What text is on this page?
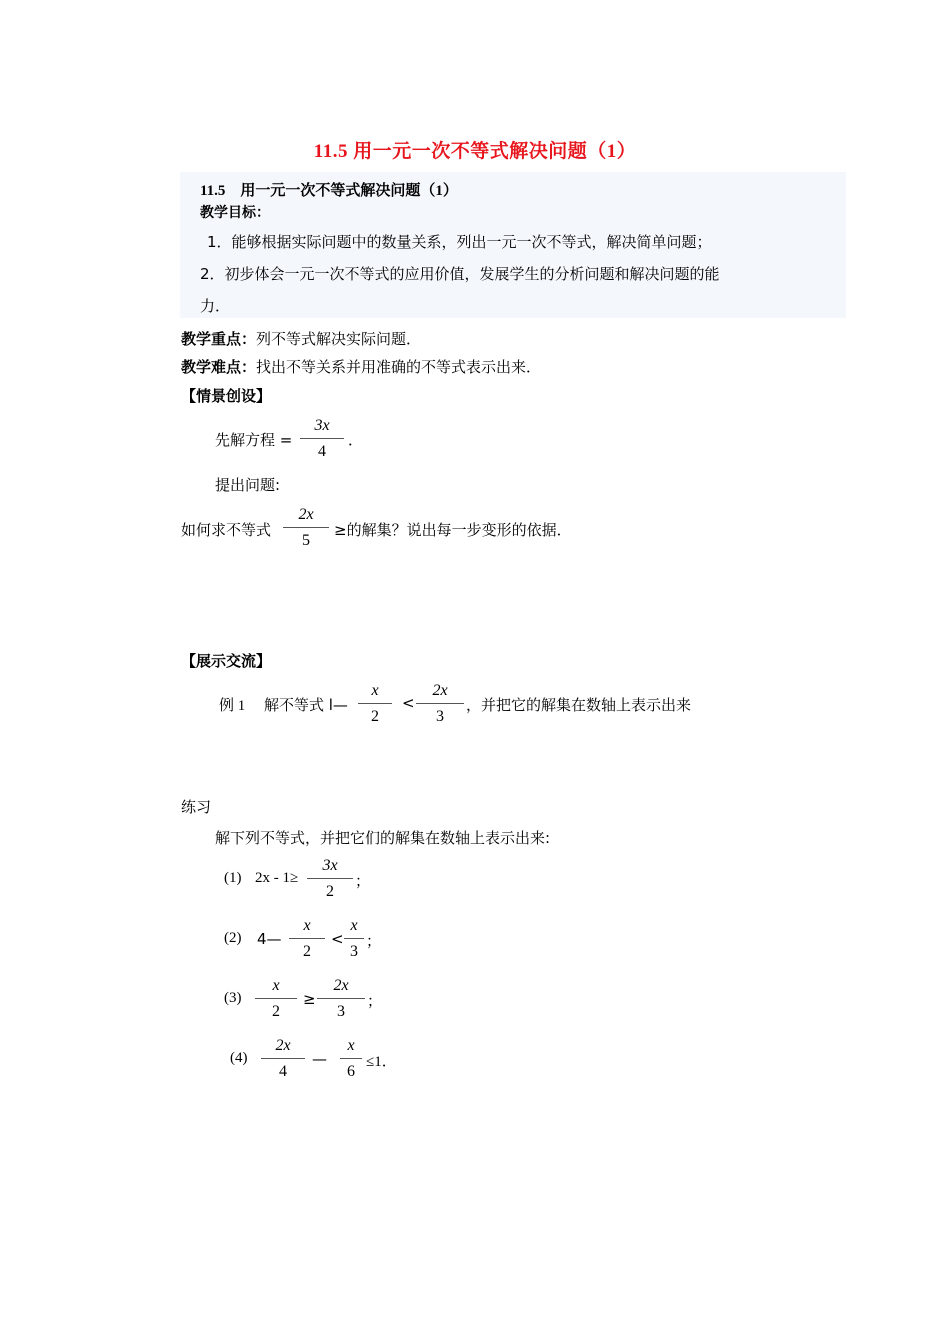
11.5 用一元一次不等式解决问题（1）
11.5　用一元一次不等式解决问题（1）
教学目标：
1．能够根据实际问题中的数量关系，列出一元一次不等式，解决简单问题；
2．初步体会一元一次不等式的应用价值，发展学生的分析问题和解决问题的能
力．
教学重点：列不等式解决实际问题．
教学难点：找出不等关系并用准确的不等式表示出来．
【情景创设】
先解方程 =
3x
4
．
提出问题:
如何求不等式
2x
5
≥的解集？说出每一步变形的依据．
【展示交流】
例 1 解不等式 l—
x
2
<
2x
3
，并把它的解集在数轴上表示出来
练习
解下列不等式，并把它们的解集在数轴上表示出来:
(1) 2x - 1≥
3x
2
；
(2) 4—
x
2
<
x
3
；
(3)
x
2
≥
2x
3
；
(4)
2x
4
—
x
6
≤1．
